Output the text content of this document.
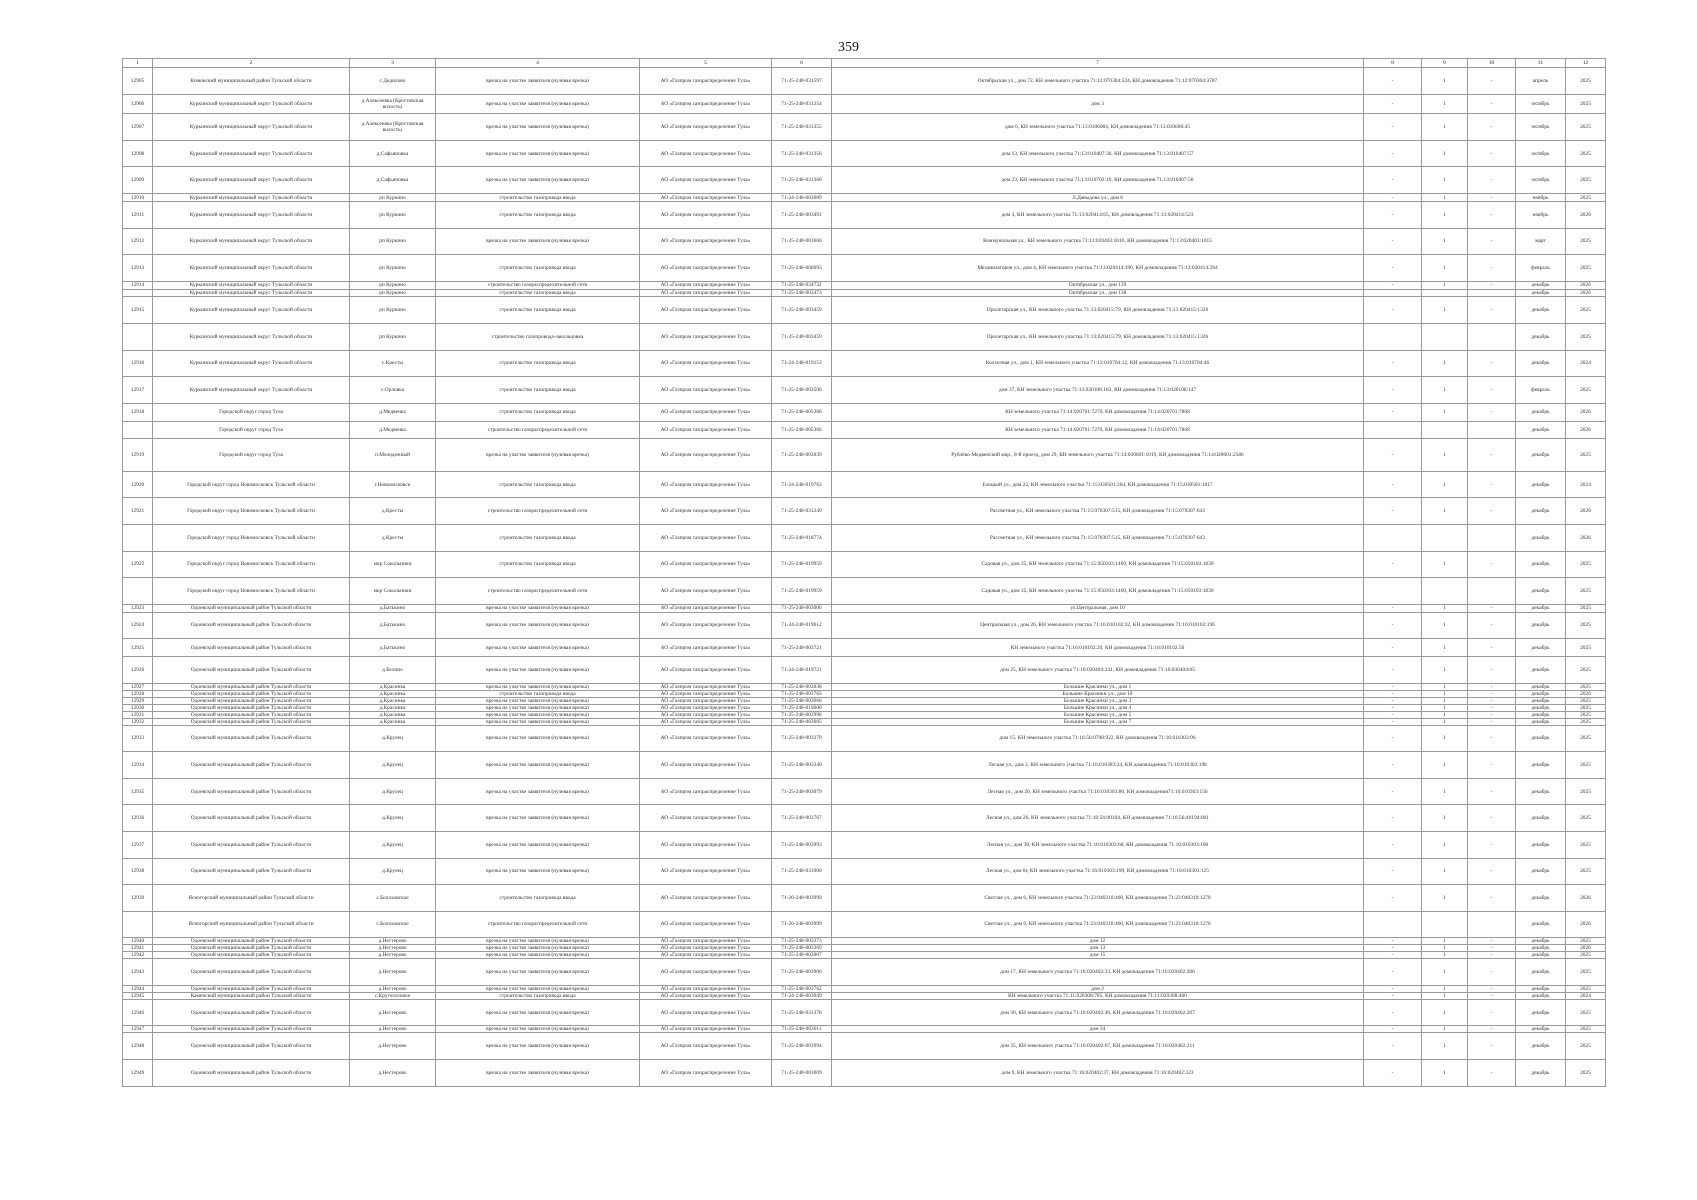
359
1	2	3	4	5	6	7	8	9	10	11	12
12905	Кимовский муниципальный район Тульской области	с.Дедилово	врезка на участке заявителя (нулевая врезка)	АО «Газпром газораспределение Тула»	71-25-248-031597	Октябрьская ул., дом 72, КН земельного участка 71:12:070304:524, КН домовладения 71:12:070304:3787	-	1	-	апрель	2025
12906	Куркинский муниципальный округ Тульской области	д.Алексеевка (Крестовская волость)	врезка на участке заявителя (нулевая врезка)	АО «Газпром газораспределение Тула»	71-25-248-031354	дом 3	-	1	-	октябрь	2025
12907	Куркинский муниципальный округ Тульской области	д.Алексеевка (Крестовская волость)	врезка на участке заявителя (нулевая врезка)	АО «Газпром газораспределение Тула»	71-25-248-031355	дом 6, КН земельного участка 71:13:0106084, КН домовладения 71:13:010606:45	-	1	-	октябрь	2025
12908	Куркинский муниципальный округ Тульской области	д.Сафьяновка	врезка на участке заявителя (нулевая врезка)	АО «Газпром газораспределение Тула»	71-25-248-031356	дом 13, КН земельного участка 71:13:010407:36, КН домовладения 71:13:010407:57	-	1	-	октябрь	2025
12909	Куркинский муниципальный округ Тульской области	д.Сафьяновка	врезка на участке заявителя (нулевая врезка)	АО «Газпром газораспределение Тула»	71-25-248-031360	дом 23, КН земельного участка 71:13:010703:16, КН домовладения 71:13:010407:56	-	1	-	октябрь	2025
12910	Куркинский муниципальный округ Тульской области	рп Куркино	строительство газопровода ввода	АО «Газпром газораспределение Тула»	71-24-248-003089	Л.Давыдова ул., дом 6	-	1	-	ноябрь	2025
12911	Куркинский муниципальный округ Тульской области	рп Куркино	строительство газопровода ввода	АО «Газпром газораспределение Тула»	71-25-248-003491	дом 3, КН земельного участка 71:13:020414:65, КН домовладения 71:13:020414:523	-	1	-	ноябрь	2026
12912	Куркинский муниципальный округ Тульской области	рп Куркино	врезка на участке заявителя (нулевая врезка)	АО «Газпром газораспределение Тула»	71-25-248-003666	Коммунальная ул., КН земельного участка 71:13:020403:1010, КН домовладения 71:13:020403:1015	-	1	-	март	2025
12913	Куркинский муниципальный округ Тульской области	рп Куркино	строительство газопровода ввода	АО «Газпром газораспределение Тула»	71-25-248-006093	Механизаторов ул., дом 4, КН земельного участка 71:13:020414:390, КН домовладения 71:13:020414:394	-	1	-	февраль	2025
12914	Куркинский муниципальный округ Тульской области	рп Куркино	строительство газораспределительной сети	АО «Газпром газораспределение Тула»	71-25-248-034732	Октябрьская ул., дом 139	-	1	-	декабрь	2026
	Куркинский муниципальный округ Тульской области	рп Куркино	строительство газопровода ввода	АО «Газпром газораспределение Тула»	71-25-248-003473	Октябрьская ул., дом 138				декабрь	2026
12915	Куркинский муниципальный округ Тульской области	рп Куркино	строительство газопровода ввода	АО «Газпром газораспределение Тула»	71-25-248-003459	Пролетарская ул., КН земельного участка 71:13:020415:79, КН домовладения 71:13:020415:1326	-	1	-	декабрь	2025
	Куркинский муниципальный округ Тульской области	рп Куркино	строительство газопровода-закольцовка	АО «Газпром газораспределение Тула»	71-25-248-003459	Пролетарская ул., КН земельного участка 71:13:020415:79, КН домовладения 71:13:020415:1326				декабрь	2025
12916	Куркинский муниципальный округ Тульской области	с.Кресты	строительство газопровода ввода	АО «Газпром газораспределение Тула»	71-24-248-019153	Колхозная ул., дом 1, КН земельного участка 71:13:010704:12, КН домовладения 71:13:010704:46	-	1	-	декабрь	2024
12917	Куркинский муниципальный округ Тульской области	с.Орловка	строительство газопровода ввода	АО «Газпром газораспределение Тула»	71-25-248-003506	дом 37, КН земельного участка 71:13:020108:182, КН домовладения 71:13:020108:147	-	1	-	февраль	2025
12918	Городской округ город Тула	д.Медвенка	строительство газопровода ввода	АО «Газпром газораспределение Тула»	71-25-248-005366	КН земельного участка 71:14:020701:7276, КН домовладения 71:14:020701:7868	-	1	-	декабрь	2026
	Городской округ город Тула	д.Медвенка	строительство газораспределительной сети	АО «Газпром газораспределение Тула»	71-25-248-005366	КН земельного участка 71:14:020701:7276, КН домовладения 71:14:020701:7868				декабрь	2026
12919	Городской округ город Тула	п.Молодежный	врезка на участке заявителя (нулевая врезка)	АО «Газпром газораспределение Тула»	71-25-248-003039	Рублёво-Медвенский мкр., 8-й проезд, дом 29, КН земельного участка 71:14:020601:1019, КН домовладения 71:14:020601:2586	-	1	-	декабрь	2025
12920	Городской округ город Новомосковск Тульской области	г.Новомосковск	строительство газопровода ввода	АО «Газпром газораспределение Тула»	71-24-248-019763	Елецкий ул., дом 22, КН земельного участка 71:15:030501:264, КН домовладения 71:15:030501:1817	-	1	-	декабрь	2024
12921	Городской округ город Новомосковск Тульской области	д.Кресты	строительство газораспределительной сети	АО «Газпром газораспределение Тула»	71-25-248-031249	Рассветная ул., КН земельного участка 71:15:070307:515, КН домовладения 71:15:070307:643	-	1	-	декабрь	2026
	Городской округ город Новомосковск Тульской области	д.Кресты	строительство газопровода ввода	АО «Газпром газораспределение Тула»	71-25-248-018774	Рассветная ул., КН земельного участка 71:15:070307:515, КН домовладения 71:15:070307:643				декабрь	2026
12922	Городской округ город Новомосковск Тульской области	мкр Сокольники	строительство газопровода ввода	АО «Газпром газораспределение Тула»	71-25-248-019959	Садовая ул., дом 35, КН земельного участка 71:15:050103:1460, КН домовладения 71:15:050103:1830	-	1	-	декабрь	2025
	Городской округ город Новомосковск Тульской области	мкр Сокольники	строительство газораспределительной сети	АО «Газпром газораспределение Тула»	71-25-248-019959	Садовая ул., дом 35, КН земельного участка 71:15:050103:1460, КН домовладения 71:15:050103:1830				декабрь	2025
12923	Одоевский муниципальный район Тульской области	д.Батькино	врезка на участке заявителя (нулевая врезка)	АО «Газпром газораспределение Тула»	71-25-248-003006	ул.Центральная, дом 10	-	1	-	декабрь	2025
12924	Одоевский муниципальный район Тульской области	д.Батькино	врезка на участке заявителя (нулевая врезка)	АО «Газпром газораспределение Тула»	71-24-248-019612	Центральная ул., дом 26, КН земельного участка 71:16:010102:32, КН домовладения 71:16:010102:196	-	1	-	декабрь	2025
12925	Одоевский муниципальный район Тульской области	д.Батькино	врезка на участке заявителя (нулевая врезка)	АО «Газпром газораспределение Тула»	71-25-248-003721	КН земельного участка 71:16:010102:20, КН домовладения 71:16:010102:50	-	1	-	декабрь	2025
12926	Одоевский муниципальный район Тульской области	д.Белино	врезка на участке заявителя (нулевая врезка)	АО «Газпром газораспределение Тула»	71-24-248-019721	дом 25, КН земельного участка 71:16:030404:241, КН домовладения 71:16:030404:85	-	1	-	декабрь	2025
12927	Одоевский муниципальный район Тульской области	д.Красинка	врезка на участке заявителя (нулевая врезка)	АО «Газпром газораспределение Тула»	71-25-248-003038	Большие Красинки ул., дом 1	-	1	-	декабрь	2025
12928	Одоевский муниципальный район Тульской области	д.Красинка	строительство газопровода ввода	АО «Газпром газораспределение Тула»	71-25-248-003763	Большие Красинки ул., дом 10	-	1	-	декабрь	2026
12929	Одоевский муниципальный район Тульской области	д.Красинка	врезка на участке заявителя (нулевая врезка)	АО «Газпром газораспределение Тула»	71-25-248-003066	Большие Красинки ул., дом 3	-	1	-	декабрь	2025
12930	Одоевский муниципальный район Тульской области	д.Красинка	врезка на участке заявителя (нулевая врезка)	АО «Газпром газораспределение Тула»	71-25-248-019600	Большие Красинки ул., дом 4	-	1	-	декабрь	2025
12931	Одоевский муниципальный район Тульской области	д.Красинка	врезка на участке заявителя (нулевая врезка)	АО «Газпром газораспределение Тула»	71-25-248-003996	Большие Красинки ул., дом 5	-	1	-	декабрь	2025
12932	Одоевский муниципальный район Тульской области	д.Красинка	врезка на участке заявителя (нулевая врезка)	АО «Газпром газораспределение Тула»	71-25-248-003605	Большие Красинки ул., дом 7	-	1	-	декабрь	2025
12933	Одоевский муниципальный район Тульской области	д.Крулец	врезка на участке заявителя (нулевая врезка)	АО «Газпром газораспределение Тула»	71-25-248-003279	дом 15, КН земельного участка 71:16:56:0708:922, КН домовладения 71:16:010303:96	-	1	-	декабрь	2025
12934	Одоевский муниципальный район Тульской области	д.Крулец	врезка на участке заявителя (нулевая врезка)	АО «Газпром газораспределение Тула»	71-25-248-003340	Лесная ул., дом 2, КН земельного участка 71:16:010303:24, КН домовладения 71:16:010303:198	-	1	-	декабрь	2025
12935	Одоевский муниципальный район Тульской области	д.Крулец	врезка на участке заявителя (нулевая врезка)	АО «Газпром газораспределение Тула»	71-25-248-003079	Лесная ул., дом 20, КН земельного участка 71:16:010303:86, КН домовладения71:16:010303:156	-	1	-	декабрь	2025
12936	Одоевский муниципальный район Тульской области	д.Крулец	врезка на участке заявителя (нулевая врезка)	АО «Газпром газораспределение Тула»	71-25-248-003767	Лесная ул., дом 26, КН земельного участка 71:16:56:00104, КН домовладения 71:16:56:40194:001	-	1	-	декабрь	2025
12937	Одоевский муниципальный район Тульской области	д.Крулец	врезка на участке заявителя (нулевая врезка)	АО «Газпром газораспределение Тула»	71-25-248-003993	Лесная ул., дом 30, КН земельного участка 71:16:010303:68, КН домовладения 71:16:010303:106	-	1	-	декабрь	2025
12938	Одоевский муниципальный район Тульской области	д.Крулец	врезка на участке заявителя (нулевая врезка)	АО «Газпром газораспределение Тула»	71-25-248-031000	Лесная ул., дом 8г, КН земельного участка 71:16:010303:199, КН домовладения 71:16:010303:125	-	1	-	декабрь	2025
12939	Ясногорский муниципальный район Тульской области	с.Болоховское	строительство газопровода ввода	АО «Газпром газораспределение Тула»	71-26-248-003999	Светлая ул., дом 6, КН земельного участка 71:23:040310:460, КН домовладения 71:23:040310:1270	-	1	-	декабрь	2026
	Ясногорский муниципальный район Тульской области	с.Болоховское	строительство газораспределительной сети	АО «Газпром газораспределение Тула»	71-26-248-003999	Светлая ул., дом 6, КН земельного участка 71:23:040310:460, КН домовладения 71:23:040310:1270				декабрь	2026
12940	Одоевский муниципальный район Тульской области	д.Нестерово	врезка на участке заявителя (нулевая врезка)	АО «Газпром газораспределение Тула»	71-25-248-003373	дом 12	-	1	-	декабрь	2025
12941	Одоевский муниципальный район Тульской области	д.Нестерово	врезка на участке заявителя (нулевая врезка)	АО «Газпром газораспределение Тула»	71-25-248-003369	дом 13	-	1	-	декабрь	2026
12942	Одоевский муниципальный район Тульской области	д.Нестерово	врезка на участке заявителя (нулевая врезка)	АО «Газпром газораспределение Тула»	71-25-248-003007	дом 15	-	1	-	декабрь	2025
12943	Одоевский муниципальный район Тульской области	д.Нестерово	врезка на участке заявителя (нулевая врезка)	АО «Газпром газораспределение Тула»	71-25-248-003906	дом 17, КН земельного участка 71:16:020402:33, КН домовладения 71:16:020402:206	-	1	-	декабрь	2025
12944	Одоевский муниципальный район Тульской области	д.Нестерово	врезка на участке заявителя (нулевая врезка)	АО «Газпром газораспределение Тула»	71-25-248-003762	дом 2	-	1	-	декабрь	2025
12945	Каменский муниципальный район Тульской области	с.Кругоголовое	строительство газопровода ввода	АО «Газпром газораспределение Тула»	71-24-248-003049	КН земельного участка 71:11:020308:785, КН домовладения 71:11:020308:460	-	1	-	декабрь	2024
12946	Одоевский муниципальный район Тульской области	д.Нестерово	врезка на участке заявителя (нулевая врезка)	АО «Газпром газораспределение Тула»	71-25-248-031378	дом 30, КН земельного участка 71:16:020402:46, КН домовладения 71:16:020402:207	-	1	-	декабрь	2025
12947	Одоевский муниципальный район Тульской области	д.Нестерово	врезка на участке заявителя (нулевая врезка)	АО «Газпром газораспределение Тула»	71-25-248-003011	дом 34	-	1	-	декабрь	2025
12948	Одоевский муниципальный район Тульской области	д.Нестерово	врезка на участке заявителя (нулевая врезка)	АО «Газпром газораспределение Тула»	71-25-248-003994	дом 35, КН земельного участка 71:16:020402:67, КН домовладения 71:16:020402:211	-	1	-	декабрь	2025
12949	Одоевский муниципальный район Тульской области	д.Нестерово	врезка на участке заявителя (нулевая врезка)	АО «Газпром газораспределение Тула»	71-25-248-003009	дом 9, КН земельного участка 71:16:020402:37, КН домовладения 71:16:020402:323	-	1	-	декабрь	2025
